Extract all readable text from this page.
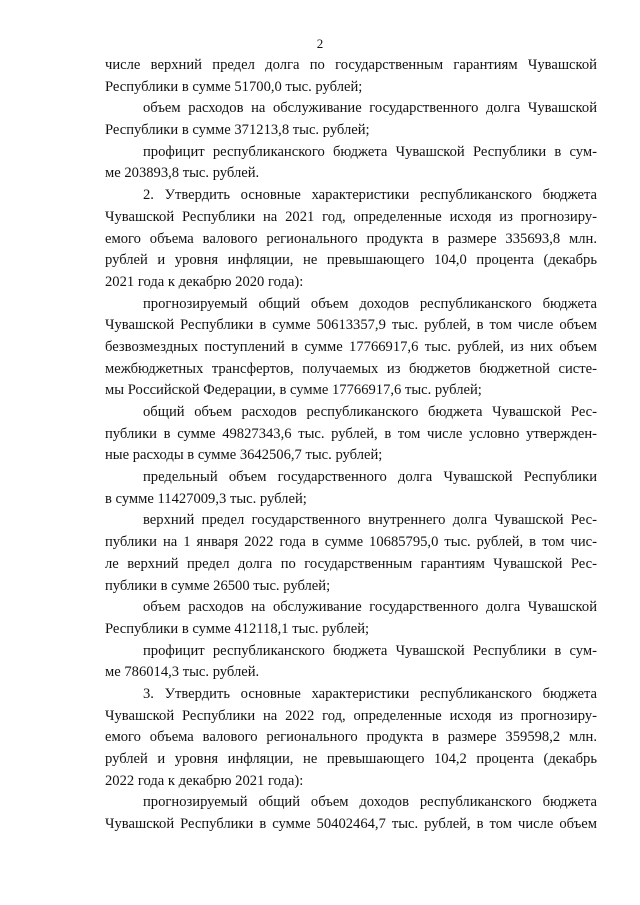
2
числе верхний предел долга по государственным гарантиям Чувашской
Республики в сумме 51700,0 тыс. рублей;
объем расходов на обслуживание государственного долга Чувашской
Республики в сумме 371213,8 тыс. рублей;
профицит республиканского бюджета Чувашской Республики в сум-
ме 203893,8 тыс. рублей.
2. Утвердить основные характеристики республиканского бюджета
Чувашской Республики на 2021 год, определенные исходя из прогнозиру-
емого объема валового регионального продукта в размере 335693,8 млн.
рублей и уровня инфляции, не превышающего 104,0 процента (декабрь
2021 года к декабрю 2020 года):
прогнозируемый общий объем доходов республиканского бюджета
Чувашской Республики в сумме 50613357,9 тыс. рублей, в том числе объем
безвозмездных поступлений в сумме 17766917,6 тыс. рублей, из них объем
межбюджетных трансфертов, получаемых из бюджетов бюджетной систе-
мы Российской Федерации, в сумме 17766917,6 тыс. рублей;
общий объем расходов республиканского бюджета Чувашской Рес-
публики в сумме 49827343,6 тыс. рублей, в том числе условно утвержден-
ные расходы в сумме 3642506,7 тыс. рублей;
предельный объем государственного долга Чувашской Республики
в сумме 11427009,3 тыс. рублей;
верхний предел государственного внутреннего долга Чувашской Рес-
публики на 1 января 2022 года в сумме 10685795,0 тыс. рублей, в том чис-
ле верхний предел долга по государственным гарантиям Чувашской Рес-
публики в сумме 26500 тыс. рублей;
объем расходов на обслуживание государственного долга Чувашской
Республики в сумме 412118,1 тыс. рублей;
профицит республиканского бюджета Чувашской Республики в сум-
ме 786014,3 тыс. рублей.
3. Утвердить основные характеристики республиканского бюджета
Чувашской Республики на 2022 год, определенные исходя из прогнозиру-
емого объема валового регионального продукта в размере 359598,2 млн.
рублей и уровня инфляции, не превышающего 104,2 процента (декабрь
2022 года к декабрю 2021 года):
прогнозируемый общий объем доходов республиканского бюджета
Чувашской Республики в сумме 50402464,7 тыс. рублей, в том числе объем
